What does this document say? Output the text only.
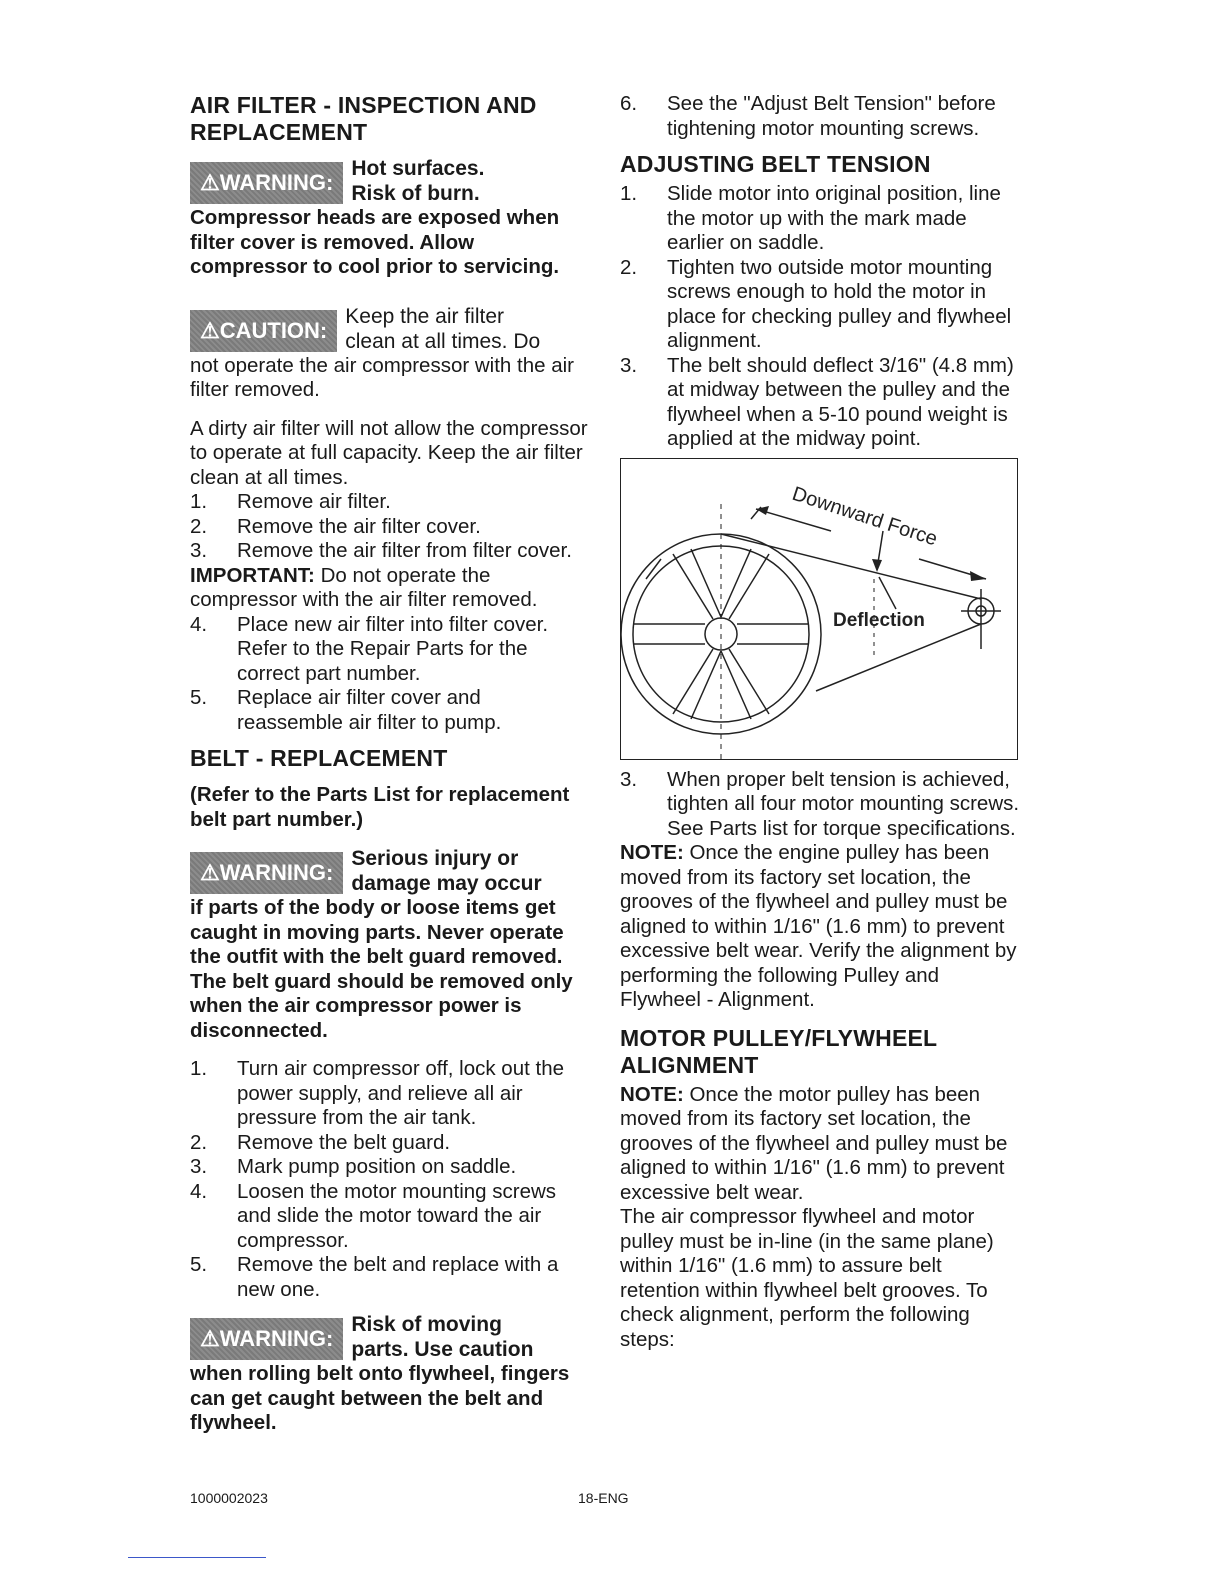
AIR FILTER - INSPECTION AND REPLACEMENT
⚠WARNING:
Hot surfaces.
Risk of burn.
Compressor heads are exposed when filter cover is removed. Allow compressor to cool prior to servicing.
⚠CAUTION:
Keep the air filter
clean at all times. Do
not operate the air compressor with the air filter removed.

A dirty air filter will not allow the compressor to operate at full capacity. Keep the air filter clean at all times.

1. Remove air filter.
2. Remove the air filter cover.
3. Remove the air filter from filter cover.

IMPORTANT: Do not operate the compressor with the air filter removed.

4. Place new air filter into filter cover. Refer to the Repair Parts for the correct part number.
5. Replace air filter cover and reassemble air filter to pump.
BELT - REPLACEMENT
(Refer to the Parts List for replacement belt part number.)
⚠WARNING:
Serious injury or
damage may occur
if parts of the body or loose items get caught in moving parts. Never operate the outfit with the belt guard removed. The belt guard should be removed only when the air compressor power is disconnected.
1. Turn air compressor off, lock out the power supply, and relieve all air pressure from the air tank.
2. Remove the belt guard.
3. Mark pump position on saddle.
4. Loosen the motor mounting screws and slide the motor toward the air compressor.
5. Remove the belt and replace with a new one.
⚠WARNING:
Risk of moving
parts. Use caution
when rolling belt onto flywheel, fingers can get caught between the belt and flywheel.
6. See the "Adjust Belt Tension" before tightening motor mounting screws.
ADJUSTING BELT TENSION
1. Slide motor into original position, line the motor up with the mark made earlier on saddle.
2. Tighten two outside motor mounting screws enough to hold the motor in place for checking pulley and flywheel alignment.
3. The belt should deflect 3/16" (4.8 mm) at midway between the pulley and the flywheel when a 5-10 pound weight is applied at the midway point.
Downward Force
Deflection
3. When proper belt tension is achieved, tighten all four motor mounting screws. See Parts list for torque specifications.

NOTE: Once the engine pulley has been moved from its factory set location, the grooves of the flywheel and pulley must be aligned to within 1/16" (1.6 mm) to prevent excessive belt wear. Verify the alignment by performing the following Pulley and Flywheel - Alignment.

MOTOR PULLEY/FLYWHEEL ALIGNMENT

NOTE: Once the motor pulley has been moved from its factory set location, the grooves of the flywheel and pulley must be aligned to within 1/16" (1.6 mm) to prevent excessive belt wear.

The air compressor flywheel and motor pulley must be in-line (in the same plane) within 1/16" (1.6 mm) to assure belt retention within flywheel belt grooves. To check alignment, perform the following steps:

1000002023	18-ENG
